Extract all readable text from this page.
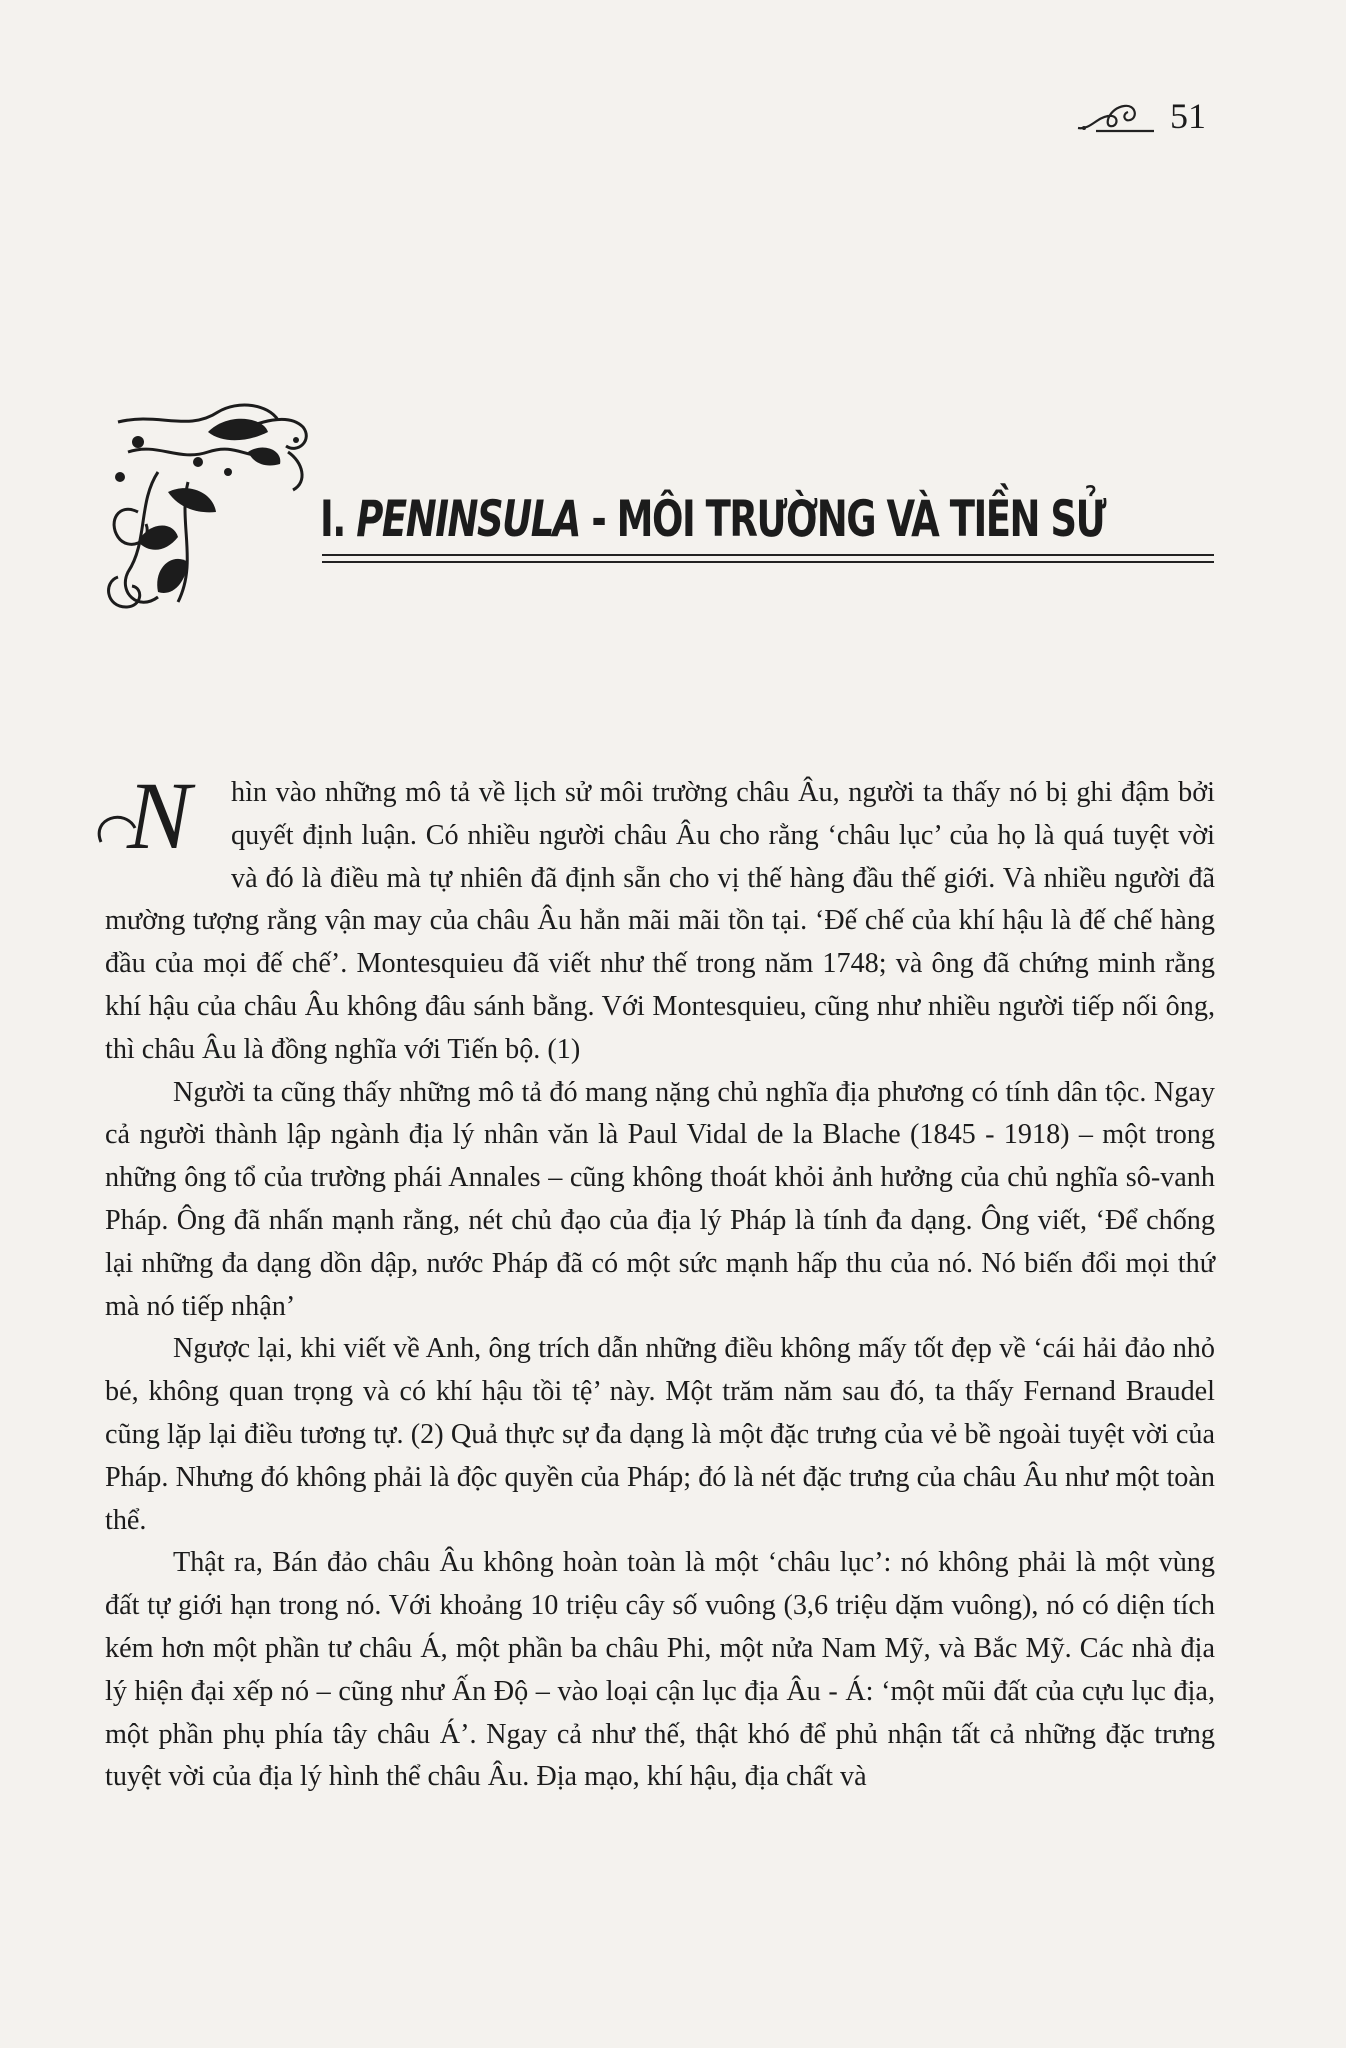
51
I. PENINSULA - MÔI TRƯỜNG VÀ TIỀN SỬ

N hìn vào những mô tả về lịch sử môi trường châu Âu, người ta thấy nó bị ghi đậm bởi quyết định luận. Có nhiều người châu Âu cho rằng ‘châu lục’ của họ là quá tuyệt vời và đó là điều mà tự nhiên đã định sẵn cho vị thế hàng đầu thế giới. Và nhiều người đã mường tượng rằng vận may của châu Âu hẳn mãi mãi tồn tại. ‘Đế chế của khí hậu là đế chế hàng đầu của mọi đế chế’. Montesquieu đã viết như thế trong năm 1748; và ông đã chứng minh rằng khí hậu của châu Âu không đâu sánh bằng. Với Montesquieu, cũng như nhiều người tiếp nối ông, thì châu Âu là đồng nghĩa với Tiến bộ. (1)

Người ta cũng thấy những mô tả đó mang nặng chủ nghĩa địa phương có tính dân tộc. Ngay cả người thành lập ngành địa lý nhân văn là Paul Vidal de la Blache (1845 - 1918) – một trong những ông tổ của trường phái Annales – cũng không thoát khỏi ảnh hưởng của chủ nghĩa sô-vanh Pháp. Ông đã nhấn mạnh rằng, nét chủ đạo của địa lý Pháp là tính đa dạng. Ông viết, ‘Để chống lại những đa dạng dồn dập, nước Pháp đã có một sức mạnh hấp thu của nó. Nó biến đổi mọi thứ mà nó tiếp nhận’

Ngược lại, khi viết về Anh, ông trích dẫn những điều không mấy tốt đẹp về ‘cái hải đảo nhỏ bé, không quan trọng và có khí hậu tồi tệ’ này. Một trăm năm sau đó, ta thấy Fernand Braudel cũng lặp lại điều tương tự. (2) Quả thực sự đa dạng là một đặc trưng của vẻ bề ngoài tuyệt vời của Pháp. Nhưng đó không phải là độc quyền của Pháp; đó là nét đặc trưng của châu Âu như một toàn thể.

Thật ra, Bán đảo châu Âu không hoàn toàn là một ‘châu lục’: nó không phải là một vùng đất tự giới hạn trong nó. Với khoảng 10 triệu cây số vuông (3,6 triệu dặm vuông), nó có diện tích kém hơn một phần tư châu Á, một phần ba châu Phi, một nửa Nam Mỹ, và Bắc Mỹ. Các nhà địa lý hiện đại xếp nó – cũng như Ấn Độ – vào loại cận lục địa Âu - Á: ‘một mũi đất của cựu lục địa, một phần phụ phía tây châu Á’. Ngay cả như thế, thật khó để phủ nhận tất cả những đặc trưng tuyệt vời của địa lý hình thể châu Âu. Địa mạo, khí hậu, địa chất và
